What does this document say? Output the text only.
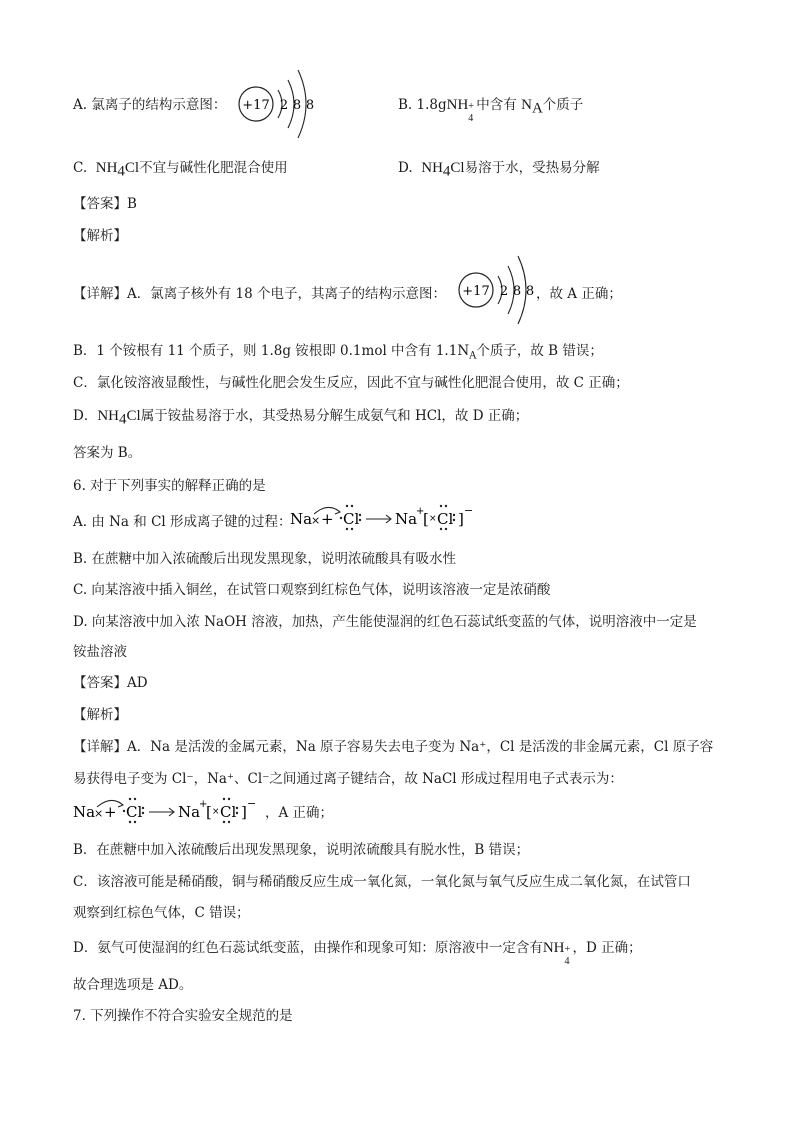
A. 氯离子的结构示意图： +17 2 8 8	B. 1.8gNH +
4
中含有 $N_A$个质子
C. $NH_4Cl$不宜与碱性化肥混合使用	D. $NH_4Cl$易溶于水，受热易分解
【答案】B
【解析】
【详解】A．氯离子核外有 18 个电子，其离子的结构示意图： +17 2 8 8 ，故 A 正确；
B．1 个铵根有 11 个质子，则 1.8g 铵根即 0.1mol 中含有 $1.1N_A$个质子，故 B 错误；
C．氯化铵溶液显酸性，与碱性化肥会发生反应，因此不宜与碱性化肥混合使用，故 C 正确；
D．$NH_4Cl$属于铵盐易溶于水，其受热易分解生成氨气和 HCl，故 D 正确；
答案为 B。
6. 对于下列事实的解释正确的是
A. 由 Na 和 Cl 形成离子键的过程：
Na
× + Cl Na
+
[ × Cl ] −
B. 在蔗糖中加入浓硫酸后出现发黑现象，说明浓硫酸具有吸水性
C. 向某溶液中插入铜丝，在试管口观察到红棕色气体，说明该溶液一定是浓硝酸
D. 向某溶液中加入浓 NaOH 溶液，加热，产生能使湿润的红色石蕊试纸变蓝的气体，说明溶液中一定是
铵盐溶液
【答案】AD
【解析】
【详解】A．Na 是活泼的金属元素，Na 原子容易失去电子变为 Na⁺，Cl 是活泼的非金属元素，Cl 原子容
易获得电子变为 Cl⁻，Na⁺、Cl⁻之间通过离子键结合，故 NaCl 形成过程用电子式表示为：
Na
× + Cl Na
+
[ × Cl ] −
，A 正确；
B．在蔗糖中加入浓硫酸后出现发黑现象，说明浓硫酸具有脱水性，B 错误；
C．该溶液可能是稀硝酸，铜与稀硝酸反应生成一氧化氮，一氧化氮与氧气反应生成二氧化氮，在试管口
观察到红棕色气体，C 错误；
D．氨气可使湿润的红色石蕊试纸变蓝，由操作和现象可知：原溶液中一定含有NH +
4
，D 正确；
故合理选项是 AD。
7. 下列操作不符合实验安全规范的是
